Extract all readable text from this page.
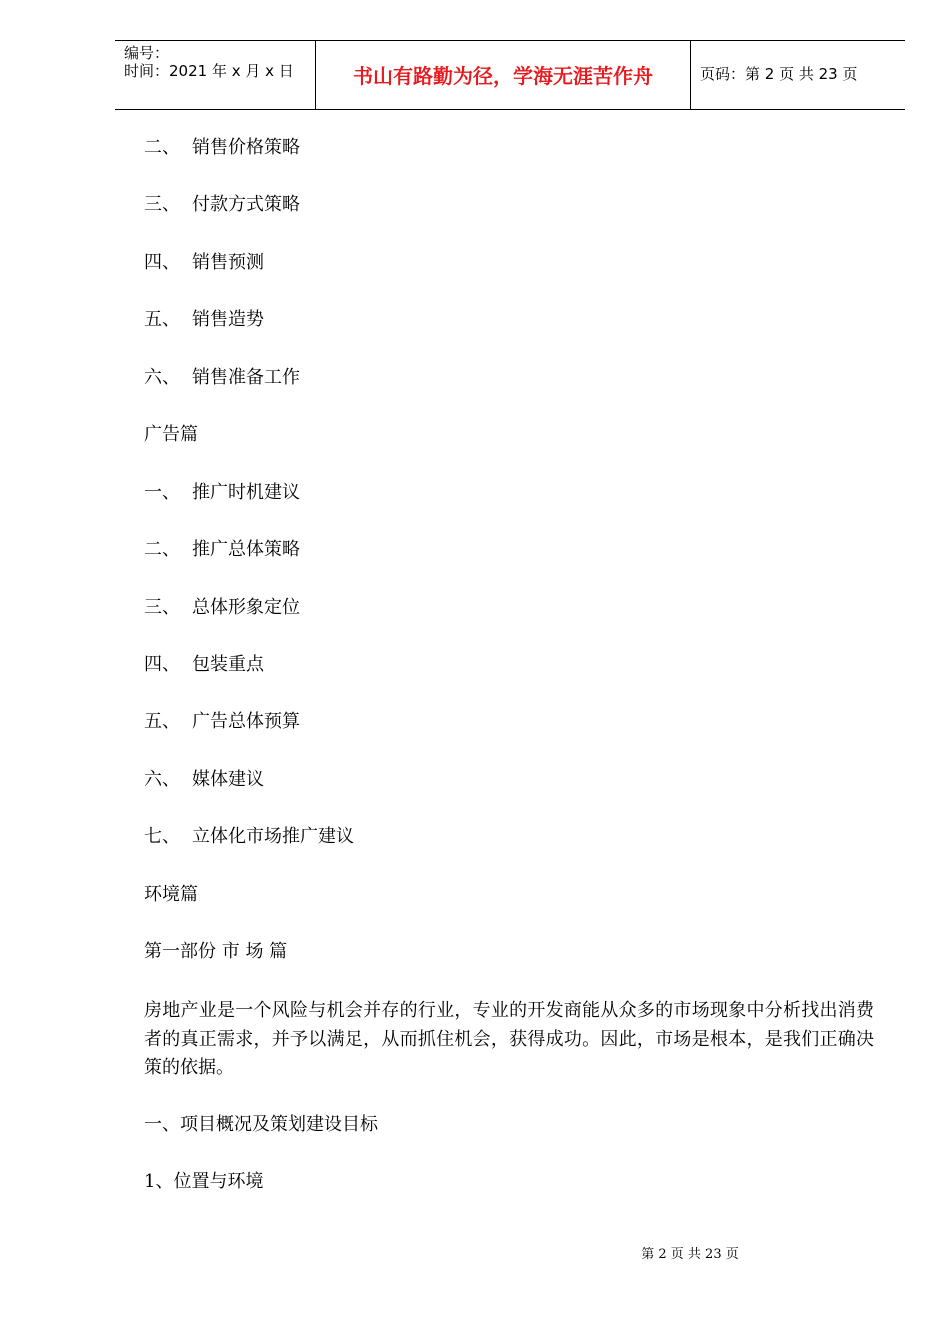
编号：
时间：2021 年 x 月 x 日	书山有路勤为径，学海无涯苦作舟	页码：第 2 页 共 23 页
二、 销售价格策略
三、 付款方式策略
四、 销售预测
五、 销售造势
六、 销售准备工作
广告篇
一、 推广时机建议
二、 推广总体策略
三、 总体形象定位
四、 包装重点
五、 广告总体预算
六、 媒体建议
七、 立体化市场推广建议
环境篇
第一部份 市 场 篇
房地产业是一个风险与机会并存的行业，专业的开发商能从众多的市场现象中分析找出消费者的真正需求，并予以满足，从而抓住机会，获得成功。因此，市场是根本，是我们正确决策的依据。
一、项目概况及策划建设目标
1、位置与环境
第 2 页 共 23 页
